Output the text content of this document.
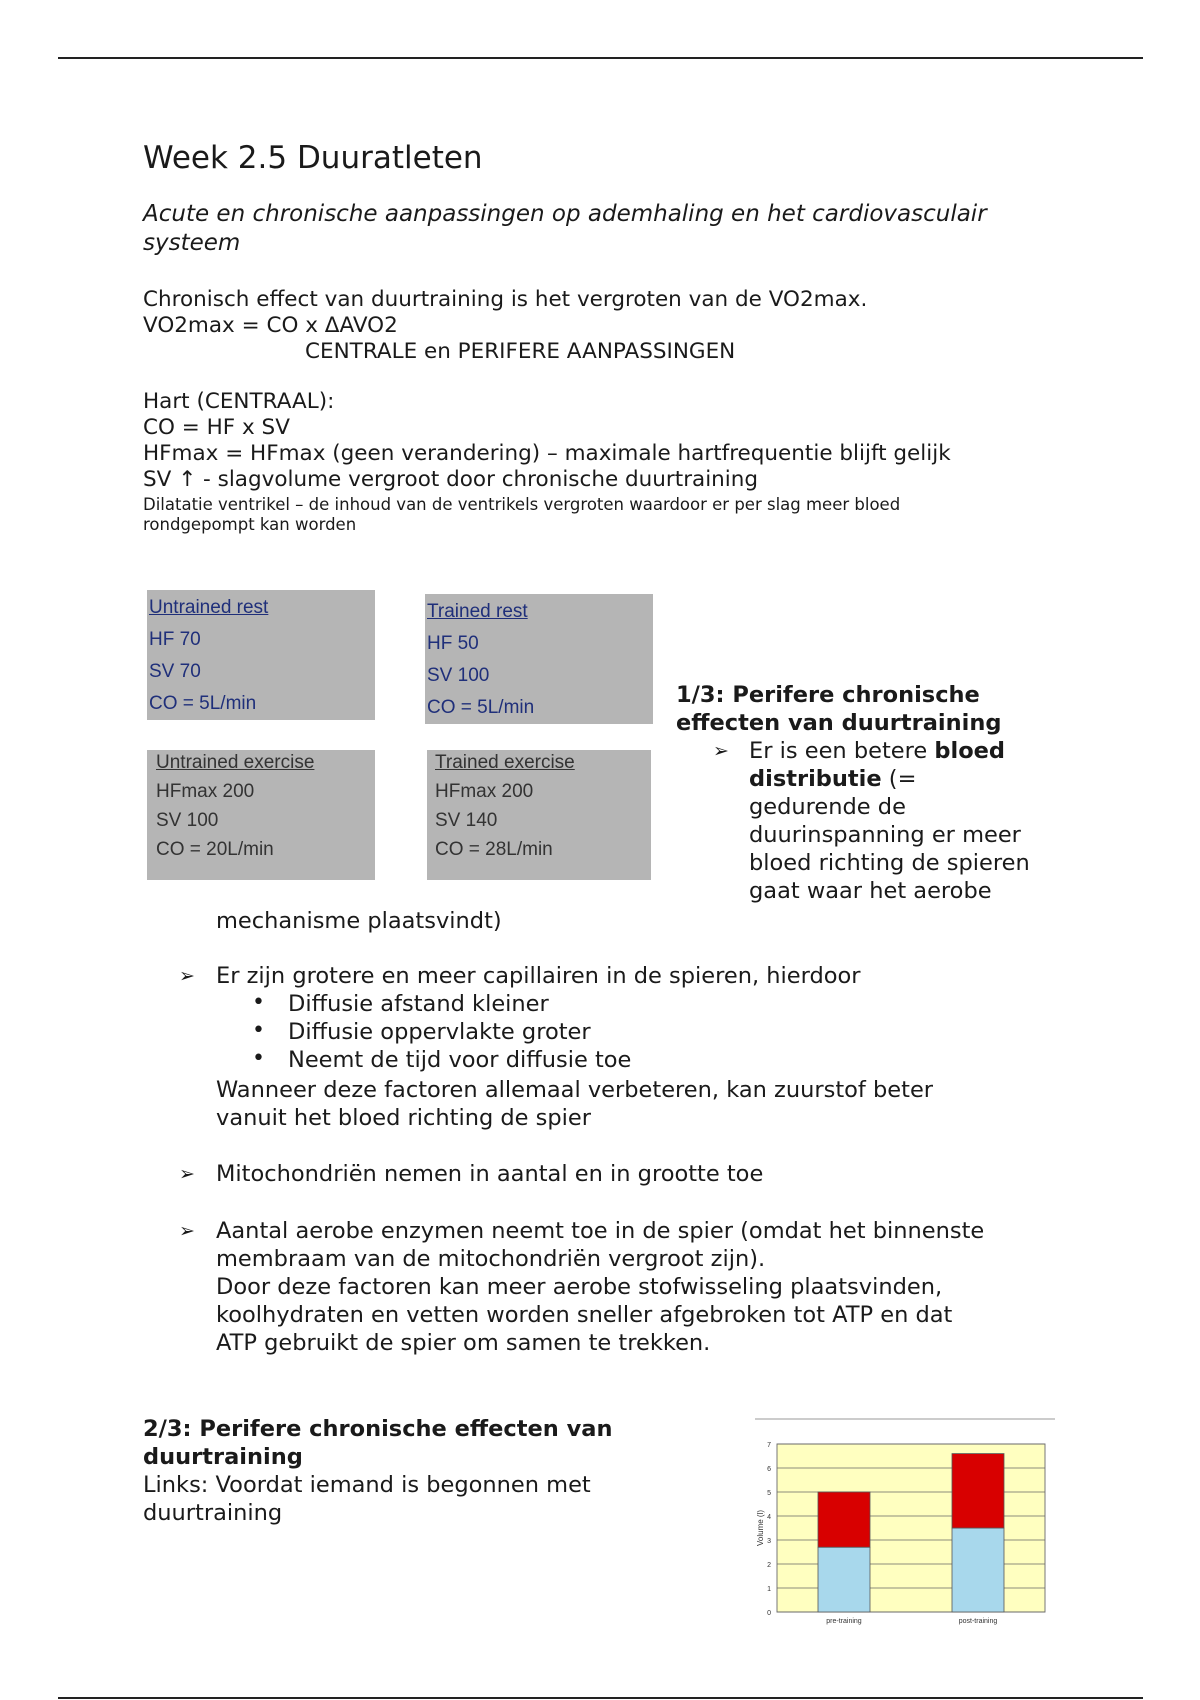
Week 2.5 Duuratleten
Acute en chronische aanpassingen op ademhaling en het cardiovasculair systeem
Chronisch effect van duurtraining is het vergroten van de VO2max.
VO2max = CO x ΔAVO2
CENTRALE en PERIFERE AANPASSINGEN
Hart (CENTRAAL):
CO = HF x SV
HFmax = HFmax (geen verandering) – maximale hartfrequentie blijft gelijk
SV ↑ - slagvolume vergroot door chronische duurtraining
Dilatatie ventrikel – de inhoud van de ventrikels vergroten waardoor er per slag meer bloed
rondgepompt kan worden
Untrained rest
HF 70
SV 70
CO = 5L/min
Trained rest
HF 50
SV 100
CO = 5L/min
Untrained exercise
HFmax 200
SV 100
CO = 20L/min
Trained exercise
HFmax 200
SV 140
CO = 28L/min
1/3: Perifere chronische
effecten van duurtraining
➢ Er is een betere bloed
distributie (=
gedurende de
duurinspanning er meer
bloed richting de spieren
gaat waar het aerobe
mechanisme plaatsvindt)
➢ Er zijn grotere en meer capillairen in de spieren, hierdoor
• Diffusie afstand kleiner
• Diffusie oppervlakte groter
• Neemt de tijd voor diffusie toe
Wanneer deze factoren allemaal verbeteren, kan zuurstof beter
vanuit het bloed richting de spier
➢ Mitochondriën nemen in aantal en in grootte toe
➢ Aantal aerobe enzymen neemt toe in de spier (omdat het binnenste
membraam van de mitochondriën vergroot zijn).
Door deze factoren kan meer aerobe stofwisseling plaatsvinden,
koolhydraten en vetten worden sneller afgebroken tot ATP en dat
ATP gebruikt de spier om samen te trekken.
2/3: Perifere chronische effecten van
duurtraining
Links: Voordat iemand is begonnen met
duurtraining
0
1
2
3
4
5
6
7
pre-training	post-training
Volume (l)
